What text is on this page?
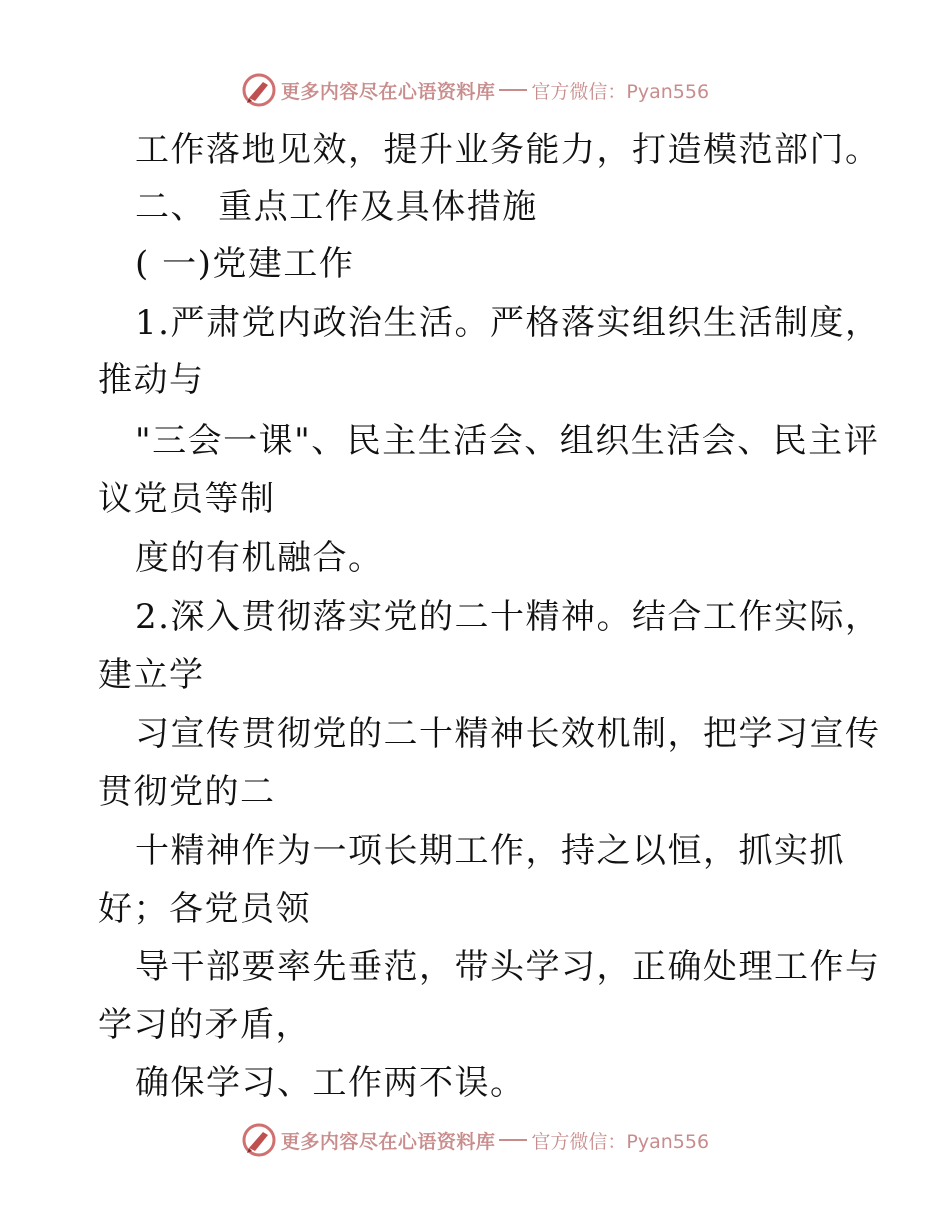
更多内容尽在心语资料库 官方微信：Pyan556
工作落地见效，提升业务能力，打造模范部门。
二、 重点工作及具体措施
( 一)党建工作
1.严肃党内政治生活。严格落实组织生活制度，
推动与
"三会一课"、民主生活会、组织生活会、民主评
议党员等制
度的有机融合。
2.深入贯彻落实党的二十精神。结合工作实际，
建立学
习宣传贯彻党的二十精神长效机制，把学习宣传
贯彻党的二
十精神作为一项长期工作，持之以恒，抓实抓
好；各党员领
导干部要率先垂范，带头学习，正确处理工作与
学习的矛盾，
确保学习、工作两不误。
更多内容尽在心语资料库 官方微信：Pyan556
